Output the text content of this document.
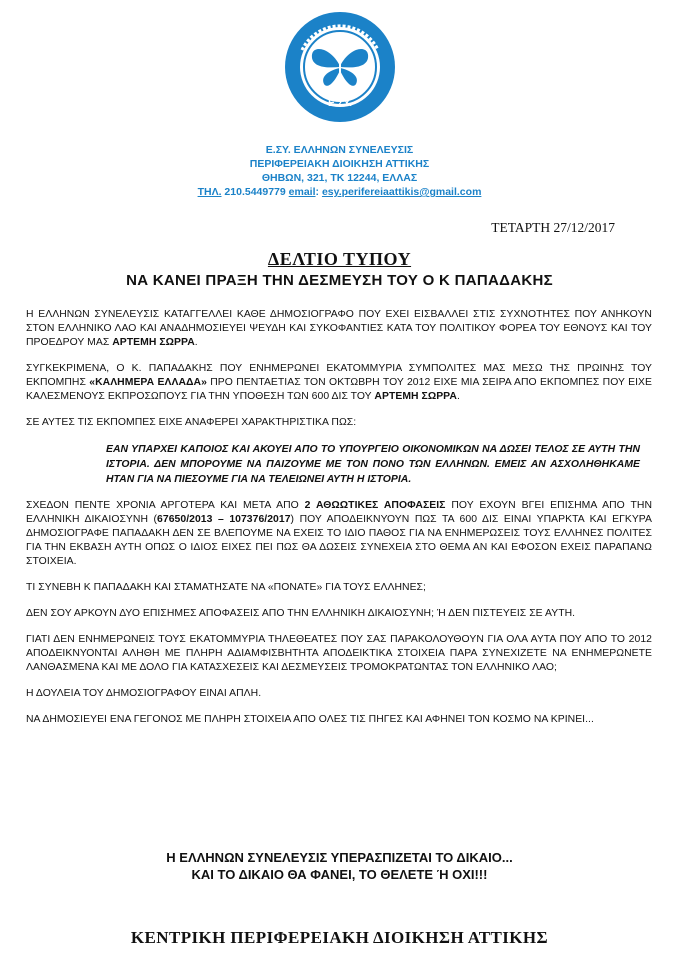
Ε.ΣΥ.
Ε.ΣΥ. ΕΛΛΗΝΩΝ ΣΥΝΕΛΕΥΣΙΣ
ΠΕΡΙΦΕΡΕΙΑΚΗ ΔΙΟΙΚΗΣΗ ΑΤΤΙΚΗΣ
ΘΗΒΩΝ, 321, ΤΚ 12244, ΕΛΛΑΣ
ΤΗΛ. 210.5449779 email: esy.perifereiaattikis@gmail.com
ΤΕΤΑΡΤΗ 27/12/2017
ΔΕΛΤΙΟ ΤΥΠΟΥ
ΝΑ ΚΑΝΕΙ ΠΡΑΞΗ ΤΗΝ ΔΕΣΜΕΥΣΗ ΤΟΥ Ο Κ ΠΑΠΑΔΑΚΗΣ

Η ΕΛΛΗΝΩΝ ΣΥΝΕΛΕΥΣΙΣ ΚΑΤΑΓΓΕΛΛΕΙ ΚΑΘΕ ΔΗΜΟΣΙΟΓΡΑΦΟ ΠΟΥ ΕΧΕΙ ΕΙΣΒΑΛΛΕΙ ΣΤΙΣ ΣΥΧΝΟΤΗΤΕΣ ΠΟΥ ΑΝΗΚΟΥΝ ΣΤΟΝ ΕΛΛΗΝΙΚΟ ΛΑΟ ΚΑΙ ΑΝΑΔΗΜΟΣΙΕΥΕΙ ΨΕΥΔΗ ΚΑΙ ΣΥΚΟΦΑΝΤΙΕΣ ΚΑΤΑ ΤΟΥ ΠΟΛΙΤΙΚΟΥ ΦΟΡΕΑ ΤΟΥ ΕΘΝΟΥΣ ΚΑΙ ΤΟΥ ΠΡΟΕΔΡΟΥ ΜΑΣ ΑΡΤΕΜΗ ΣΩΡΡΑ.

ΣΥΓΚΕΚΡΙΜΕΝΑ, Ο Κ. ΠΑΠΑΔΑΚΗΣ ΠΟΥ ΕΝΗΜΕΡΩΝΕΙ ΕΚΑΤΟΜΜΥΡΙΑ ΣΥΜΠΟΛΙΤΕΣ ΜΑΣ ΜΕΣΩ ΤΗΣ ΠΡΩΙΝΗΣ ΤΟΥ ΕΚΠΟΜΠΗΣ «ΚΑΛΗΜΕΡΑ ΕΛΛΑΔΑ» ΠΡΟ ΠΕΝΤΑΕΤΙΑΣ ΤΟΝ ΟΚΤΩΒΡΗ ΤΟΥ 2012 ΕΙΧΕ ΜΙΑ ΣΕΙΡΑ ΑΠΟ ΕΚΠΟΜΠΕΣ ΠΟΥ ΕΙΧΕ ΚΑΛΕΣΜΕΝΟΥΣ ΕΚΠΡΟΣΩΠΟΥΣ ΓΙΑ ΤΗΝ ΥΠΟΘΕΣΗ ΤΩΝ 600 ΔΙΣ ΤΟΥ ΑΡΤΕΜΗ ΣΩΡΡΑ.

ΣΕ ΑΥΤΕΣ ΤΙΣ ΕΚΠΟΜΠΕΣ ΕΙΧΕ ΑΝΑΦΕΡΕΙ ΧΑΡΑΚΤΗΡΙΣΤΙΚΑ ΠΩΣ:

ΕΑΝ ΥΠΑΡΧΕΙ ΚΑΠΟΙΟΣ ΚΑΙ ΑΚΟΥΕΙ ΑΠΟ ΤΟ ΥΠΟΥΡΓΕΙΟ ΟΙΚΟΝΟΜΙΚΩΝ ΝΑ ΔΩΣΕΙ ΤΕΛΟΣ ΣΕ ΑΥΤΗ ΤΗΝ ΙΣΤΟΡΙΑ. ΔΕΝ ΜΠΟΡΟΥΜΕ ΝΑ ΠΑΙΖΟΥΜΕ ΜΕ ΤΟΝ ΠΟΝΟ ΤΩΝ ΕΛΛΗΝΩΝ. ΕΜΕΙΣ ΑΝ ΑΣΧΟΛΗΘΗΚΑΜΕ ΗΤΑΝ ΓΙΑ ΝΑ ΠΙΕΣΟΥΜΕ ΓΙΑ ΝΑ ΤΕΛΕΙΩΝΕΙ ΑΥΤΗ Η ΙΣΤΟΡΙΑ.

ΣΧΕΔΟΝ ΠΕΝΤΕ ΧΡΟΝΙΑ ΑΡΓΟΤΕΡΑ ΚΑΙ ΜΕΤΑ ΑΠΟ 2 ΑΘΩΩΤΙΚΕΣ ΑΠΟΦΑΣΕΙΣ ΠΟΥ ΕΧΟΥΝ ΒΓΕΙ ΕΠΙΣΗΜΑ ΑΠΟ ΤΗΝ ΕΛΛΗΝΙΚΗ ΔΙΚΑΙΟΣΥΝΗ (67650/2013 – 107376/2017) ΠΟΥ ΑΠΟΔΕΙΚΝΥΟΥΝ ΠΩΣ ΤΑ 600 ΔΙΣ ΕΙΝΑΙ ΥΠΑΡΚΤΑ ΚΑΙ ΕΓΚΥΡΑ ΔΗΜΟΣΙΟΓΡΑΦΕ ΠΑΠΑΔΑΚΗ ΔΕΝ ΣΕ ΒΛΕΠΟΥΜΕ ΝΑ ΕΧΕΙΣ ΤΟ ΙΔΙΟ ΠΑΘΟΣ ΓΙΑ ΝΑ ΕΝΗΜΕΡΩΣΕΙΣ ΤΟΥΣ ΕΛΛΗΝΕΣ ΠΟΛΙΤΕΣ ΓΙΑ ΤΗΝ ΕΚΒΑΣΗ ΑΥΤΗ ΟΠΩΣ Ο ΙΔΙΟΣ ΕΙΧΕΣ ΠΕΙ ΠΩΣ ΘΑ ΔΩΣΕΙΣ ΣΥΝΕΧΕΙΑ ΣΤΟ ΘΕΜΑ ΑΝ ΚΑΙ ΕΦΟΣΟΝ ΕΧΕΙΣ ΠΑΡΑΠΑΝΩ ΣΤΟΙΧΕΙΑ.

ΤΙ ΣΥΝΕΒΗ Κ ΠΑΠΑΔΑΚΗ ΚΑΙ ΣΤΑΜΑΤΗΣΑΤΕ ΝΑ «ΠΟΝΑΤΕ» ΓΙΑ ΤΟΥΣ ΕΛΛΗΝΕΣ;

ΔΕΝ ΣΟΥ ΑΡΚΟΥΝ ΔΥΟ ΕΠΙΣΗΜΕΣ ΑΠΟΦΑΣΕΙΣ ΑΠΟ ΤΗΝ ΕΛΛΗΝΙΚΗ ΔΙΚΑΙΟΣΥΝΗ; Ή ΔΕΝ ΠΙΣΤΕΥΕΙΣ ΣΕ ΑΥΤΗ.

ΓΙΑΤΙ ΔΕΝ ΕΝΗΜΕΡΩΝΕΙΣ ΤΟΥΣ ΕΚΑΤΟΜΜΥΡΙΑ ΤΗΛΕΘΕΑΤΕΣ ΠΟΥ ΣΑΣ ΠΑΡΑΚΟΛΟΥΘΟΥΝ ΓΙΑ ΟΛΑ ΑΥΤΑ ΠΟΥ ΑΠΟ ΤΟ 2012 ΑΠΟΔΕΙΚΝΥΟΝΤΑΙ ΑΛΗΘΗ ΜΕ ΠΛΗΡΗ ΑΔΙΑΜΦΙΣΒΗΤΗΤΑ ΑΠΟΔΕΙΚΤΙΚΑ ΣΤΟΙΧΕΙΑ ΠΑΡΑ ΣΥΝΕΧΙΖΕΤΕ ΝΑ ΕΝΗΜΕΡΩΝΕΤΕ ΛΑΝΘΑΣΜΕΝΑ ΚΑΙ ΜΕ ΔΟΛΟ ΓΙΑ ΚΑΤΑΣΧΕΣΕΙΣ ΚΑΙ ΔΕΣΜΕΥΣΕΙΣ ΤΡΟΜΟΚΡΑΤΩΝΤΑΣ ΤΟΝ ΕΛΛΗΝΙΚΟ ΛΑΟ;

Η ΔΟΥΛΕΙΑ ΤΟΥ ΔΗΜΟΣΙΟΓΡΑΦΟΥ ΕΙΝΑΙ ΑΠΛΗ.

ΝΑ ΔΗΜΟΣΙΕΥΕΙ ΕΝΑ ΓΕΓΟΝΟΣ ΜΕ ΠΛΗΡΗ ΣΤΟΙΧΕΙΑ ΑΠΟ ΟΛΕΣ ΤΙΣ ΠΗΓΕΣ ΚΑΙ ΑΦΗΝΕΙ ΤΟΝ ΚΟΣΜΟ ΝΑ ΚΡΙΝΕΙ...

Η ΕΛΛΗΝΩΝ ΣΥΝΕΛΕΥΣΙΣ ΥΠΕΡΑΣΠΙΖΕΤΑΙ ΤΟ ΔΙΚΑΙΟ...
ΚΑΙ ΤΟ ΔΙΚΑΙΟ ΘΑ ΦΑΝΕΙ, ΤΟ ΘΕΛΕΤΕ Ή ΟΧΙ!!!
ΚΕΝΤΡΙΚΗ ΠΕΡΙΦΕΡΕΙΑΚΗ ΔΙΟΙΚΗΣΗ ΑΤΤΙΚΗΣ
